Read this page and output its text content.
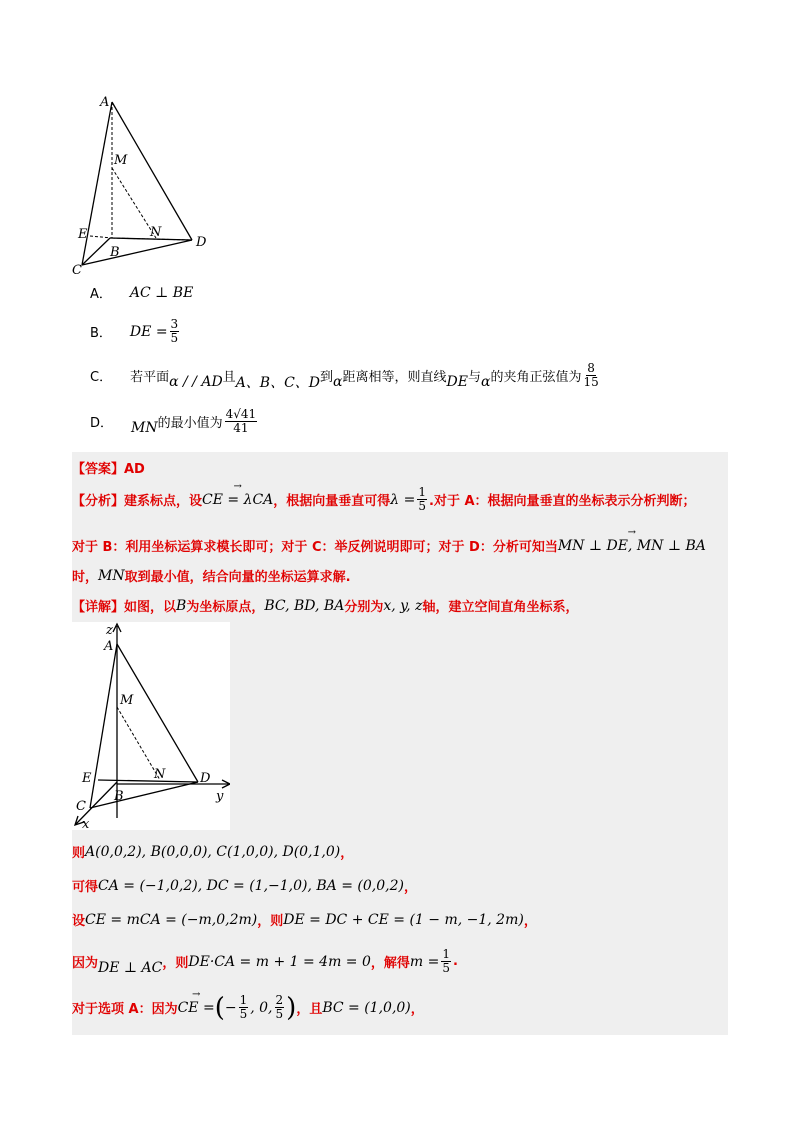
A
M
E	N
D
B
C
A． AC ⊥ BE
B． DE = $\frac{3}{5}$
C． 若平面 α / / AD 且 A、B、C、D 到 α 距离相等，则直线 DE 与 α 的夹角正弦值为 $\frac{8}{15}$
D． MN 的最小值为 $\frac{4√41}{41}$
【答案】AD
【分析】建系标点，设 → CE = λCA ，根据向量垂直可得 $\lambda = \frac{1}{5}$ .对于 A：根据向量垂直的坐标表示分析判断；
对于 B：利用坐标运算求模长即可；对于 C：举反例说明即可；对于 D：分析可知当 → MN ⊥ DE, MN ⊥ BA
时， MN 取到最小值，结合向量的坐标运算求解.
【详解】如图，以 B 为坐标原点， BC, BD, BA 分别为 x, y, z 轴，建立空间直角坐标系，
z
A
M
E	N	D
B
C
x
y
则 A(0,0,2), B(0,0,0), C(1,0,0), D(0,1,0) ，
可得 CA = (−1,0,2), DC = (1,−1,0), BA = (0,0,2) ，
设 CE = mCA = (−m,0,2m) ，则 DE = DC + CE = (1 − m, −1, 2m) ，
因为 DE ⊥ AC ，则 DE·CA = m + 1 = 4m = 0 ，解得 $m = \frac{1}{5}$ .
对于选项 A：因为 → CE = ( − $\frac{1}{5}$ , 0, $\frac{2}{5}$ ) ，且 BC = (1,0,0) ，
